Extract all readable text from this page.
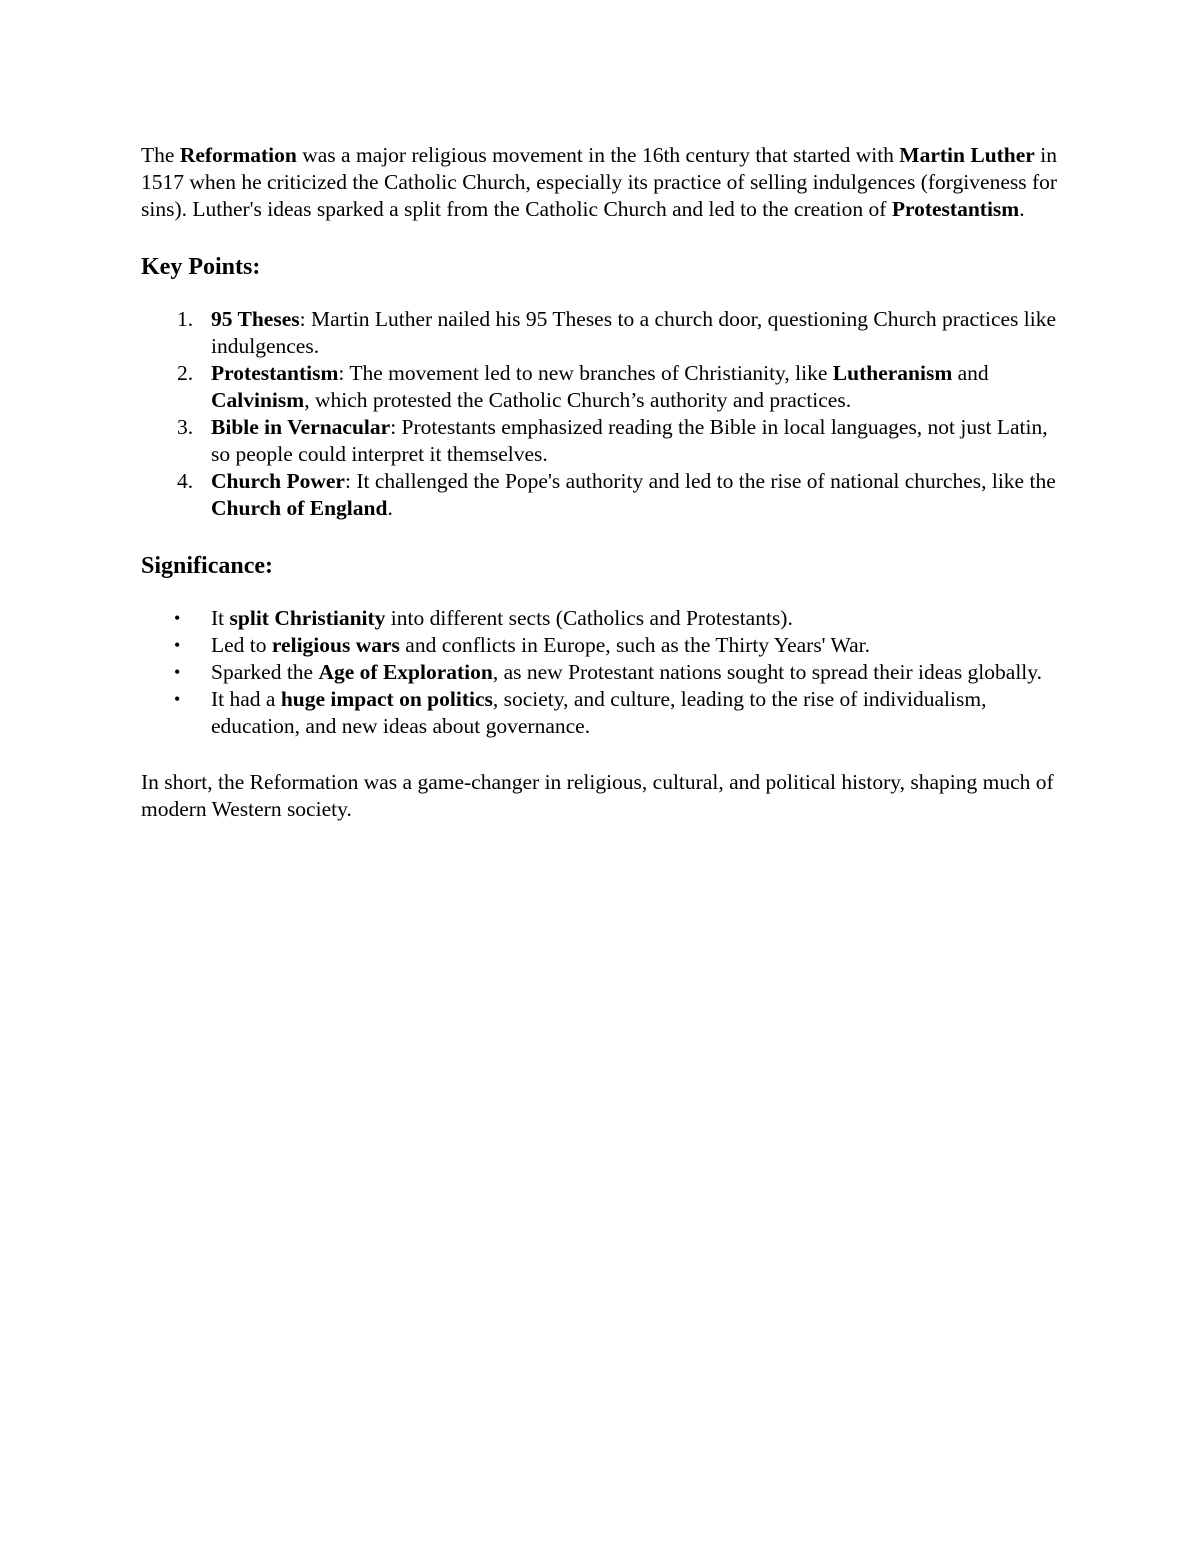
The Reformation was a major religious movement in the 16th century that started with Martin Luther in 1517 when he criticized the Catholic Church, especially its practice of selling indulgences (forgiveness for sins). Luther's ideas sparked a split from the Catholic Church and led to the creation of Protestantism.

Key Points:
1. 95 Theses: Martin Luther nailed his 95 Theses to a church door, questioning Church practices like indulgences.
2. Protestantism: The movement led to new branches of Christianity, like Lutheranism and Calvinism, which protested the Catholic Church’s authority and practices.
3. Bible in Vernacular: Protestants emphasized reading the Bible in local languages, not just Latin, so people could interpret it themselves.
4. Church Power: It challenged the Pope's authority and led to the rise of national churches, like the Church of England.
Significance:
•	It split Christianity into different sects (Catholics and Protestants).
•	Led to religious wars and conflicts in Europe, such as the Thirty Years' War.
•	Sparked the Age of Exploration, as new Protestant nations sought to spread their ideas globally.
•	It had a huge impact on politics, society, and culture, leading to the rise of individualism, education, and new ideas about governance.

In short, the Reformation was a game-changer in religious, cultural, and political history, shaping much of modern Western society.
